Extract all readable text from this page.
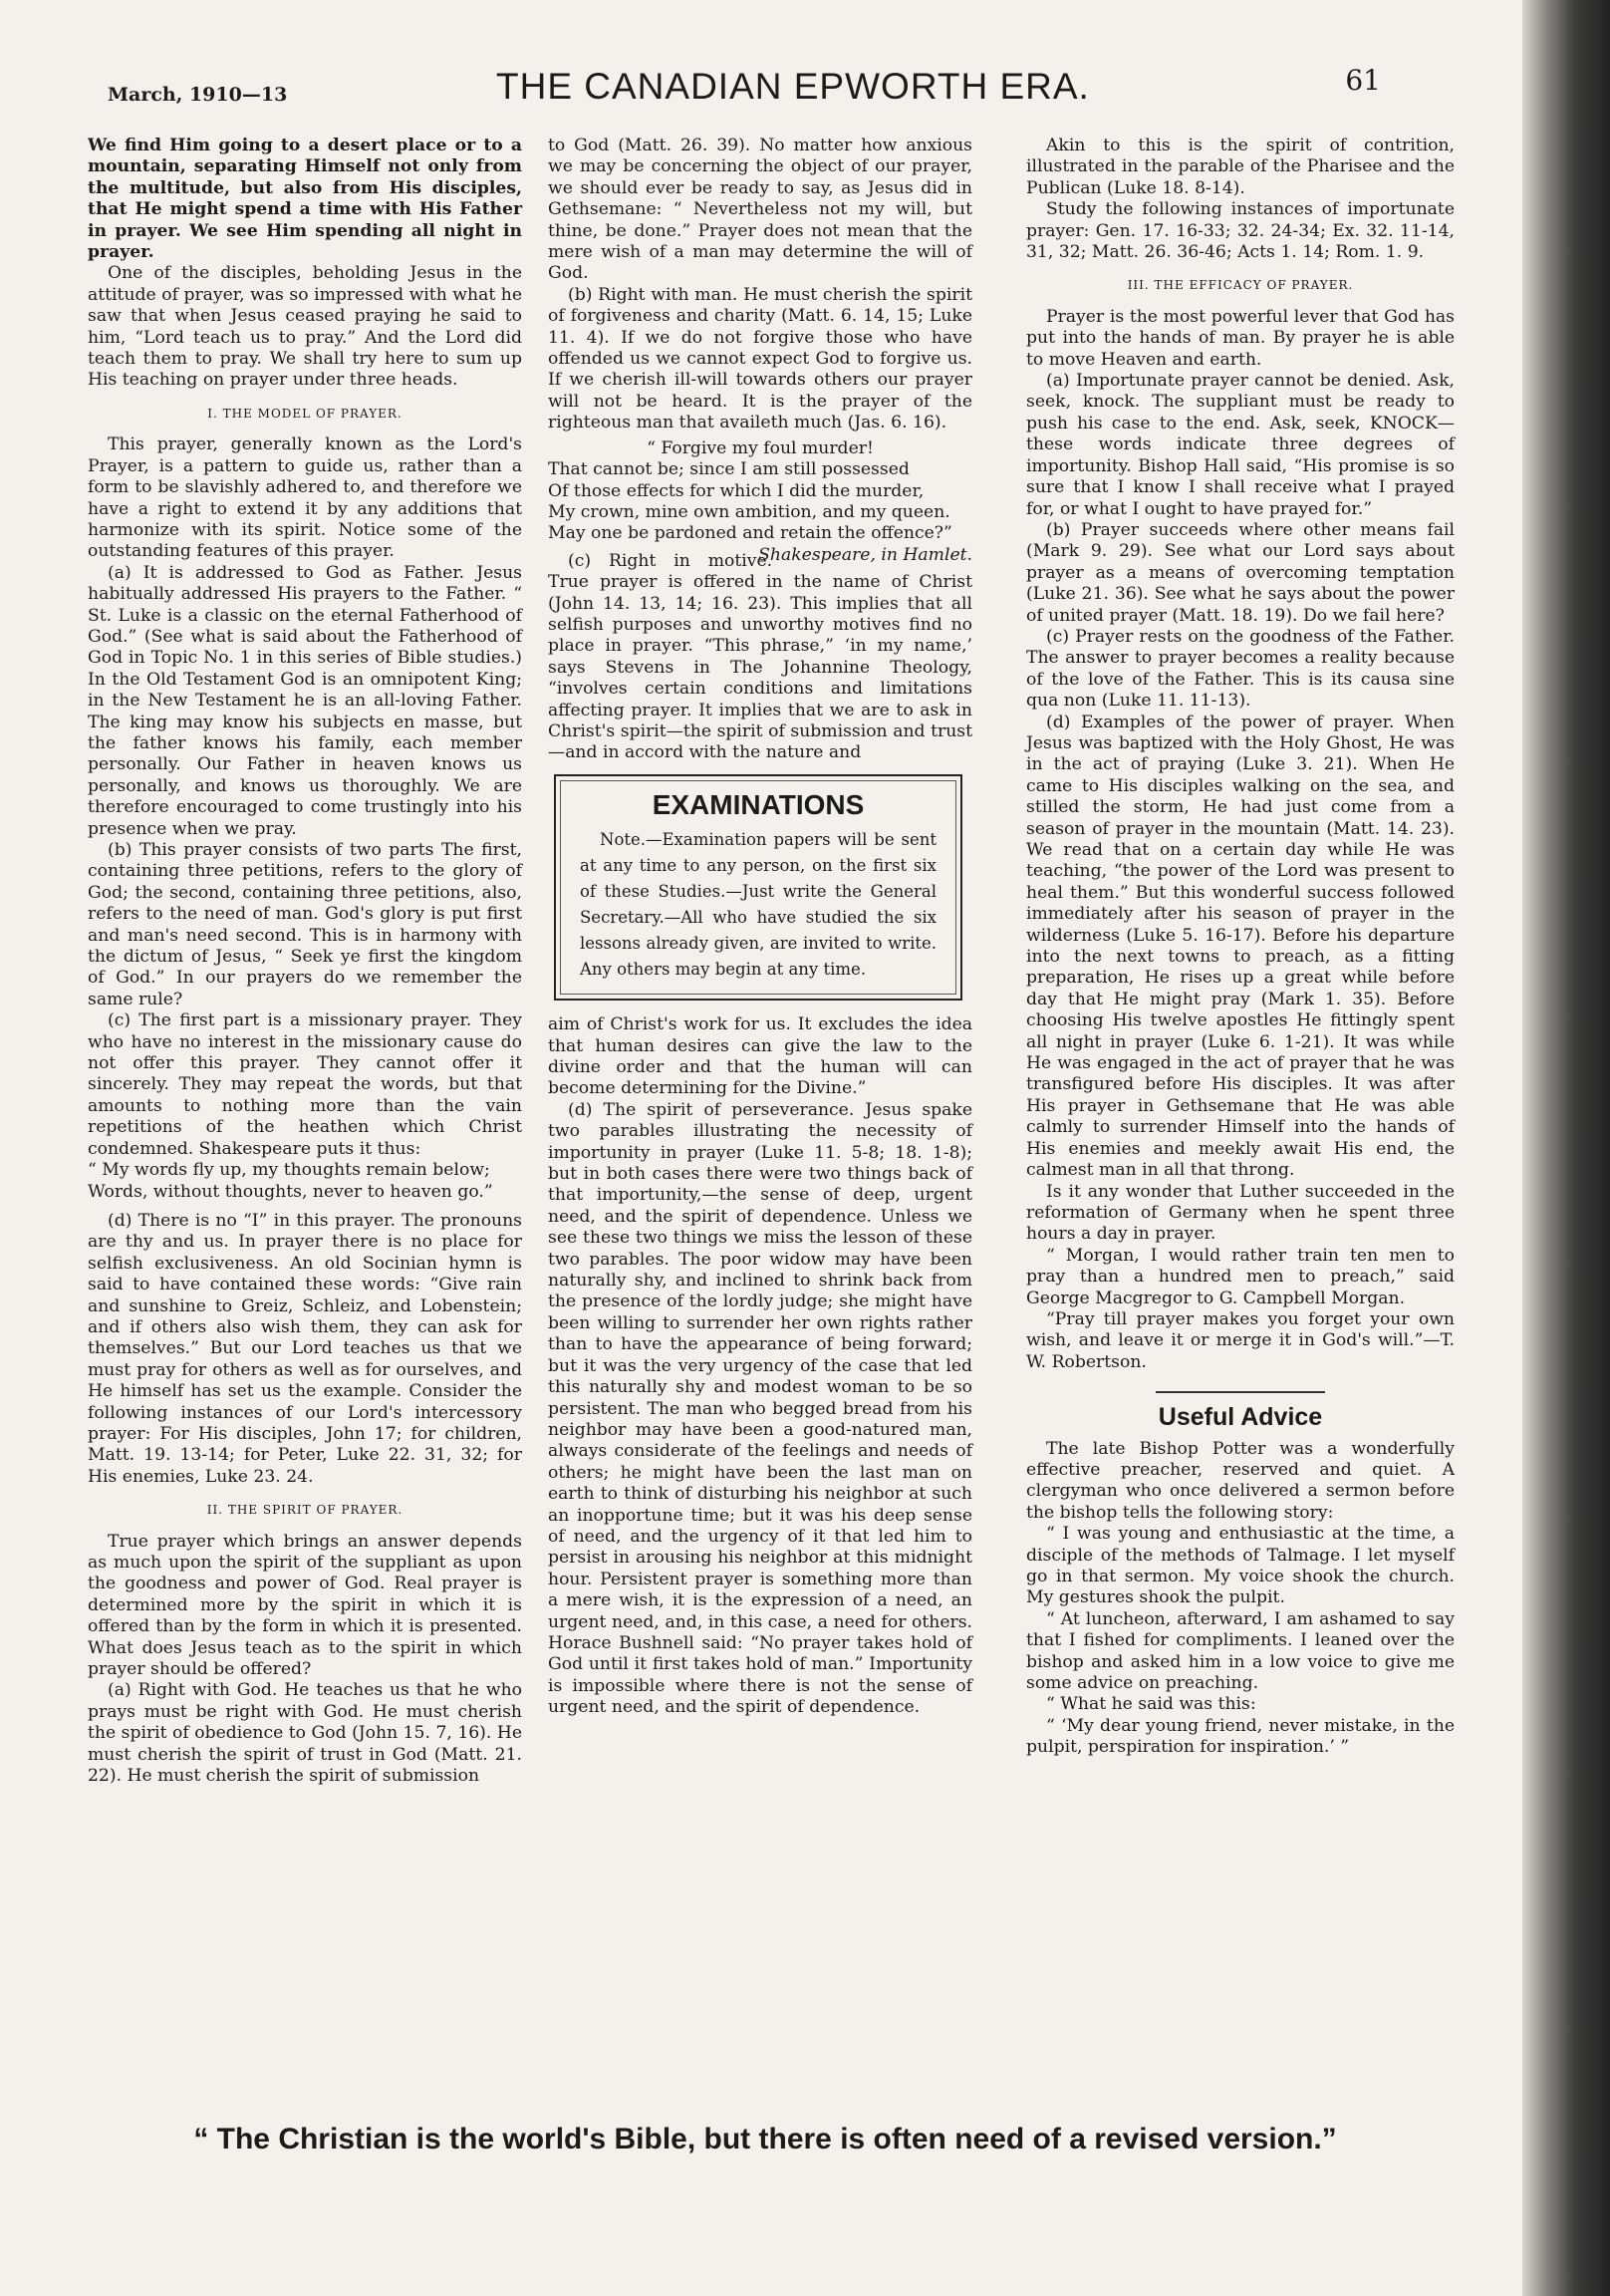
March, 1910—13	THE CANADIAN EPWORTH ERA.	61

We find Him going to a desert place or to a mountain, separating Himself not only from the multitude, but also from His disciples, that He might spend a time with His Father in prayer. We see Him spending all night in prayer.

One of the disciples, beholding Jesus in the attitude of prayer, was so impressed with what he saw that when Jesus ceased praying he said to him, “Lord teach us to pray.” And the Lord did teach them to pray. We shall try here to sum up His teaching on prayer under three heads.

I. THE MODEL OF PRAYER.

This prayer, generally known as the Lord's Prayer, is a pattern to guide us, rather than a form to be slavishly adhered to, and therefore we have a right to extend it by any additions that harmonize with its spirit. Notice some of the outstanding features of this prayer.

(a) It is addressed to God as Father. Jesus habitually addressed His prayers to the Father. “ St. Luke is a classic on the eternal Fatherhood of God.” (See what is said about the Fatherhood of God in Topic No. 1 in this series of Bible studies.) In the Old Testament God is an omnipotent King; in the New Testament he is an all-loving Father. The king may know his subjects en masse, but the father knows his family, each member personally. Our Father in heaven knows us personally, and knows us thoroughly. We are therefore encouraged to come trustingly into his presence when we pray.

(b) This prayer consists of two parts The first, containing three petitions, refers to the glory of God; the second, containing three petitions, also, refers to the need of man. God's glory is put first and man's need second. This is in harmony with the dictum of Jesus, “ Seek ye first the kingdom of God.” In our prayers do we remember the same rule?

(c) The first part is a missionary prayer. They who have no interest in the missionary cause do not offer this prayer. They cannot offer it sincerely. They may repeat the words, but that amounts to nothing more than the vain repetitions of the heathen which Christ condemned. Shakespeare puts it thus:

“ My words fly up, my thoughts remain below;

Words, without thoughts, never to heaven go.”

(d) There is no “I” in this prayer. The pronouns are thy and us. In prayer there is no place for selfish exclusiveness. An old Socinian hymn is said to have contained these words: “Give rain and sunshine to Greiz, Schleiz, and Lobenstein; and if others also wish them, they can ask for themselves.” But our Lord teaches us that we must pray for others as well as for ourselves, and He himself has set us the example. Consider the following instances of our Lord's intercessory prayer: For His disciples, John 17; for children, Matt. 19. 13-14; for Peter, Luke 22. 31, 32; for His enemies, Luke 23. 24.

II. THE SPIRIT OF PRAYER.

True prayer which brings an answer depends as much upon the spirit of the suppliant as upon the goodness and power of God. Real prayer is determined more by the spirit in which it is offered than by the form in which it is presented. What does Jesus teach as to the spirit in which prayer should be offered?

(a) Right with God. He teaches us that he who prays must be right with God. He must cherish the spirit of obedience to God (John 15. 7, 16). He must cherish the spirit of trust in God (Matt. 21. 22). He must cherish the spirit of submission

to God (Matt. 26. 39). No matter how anxious we may be concerning the object of our prayer, we should ever be ready to say, as Jesus did in Gethsemane: “ Nevertheless not my will, but thine, be done.” Prayer does not mean that the mere wish of a man may determine the will of God.

(b) Right with man. He must cherish the spirit of forgiveness and charity (Matt. 6. 14, 15; Luke 11. 4). If we do not forgive those who have offended us we cannot expect God to forgive us. If we cherish ill-will towards others our prayer will not be heard. It is the prayer of the righteous man that availeth much (Jas. 6. 16).

“ Forgive my foul murder!

That cannot be; since I am still possessed

Of those effects for which I did the murder,

My crown, mine own ambition, and my queen.

May one be pardoned and retain the offence?”
Shakespeare, in Hamlet.

(c) Right in motive. True prayer is offered in the name of Christ (John 14. 13, 14; 16. 23). This implies that all selfish purposes and unworthy motives find no place in prayer. “This phrase,” ‘in my name,’ says Stevens in The Johannine Theology, “involves certain conditions and limitations affecting prayer. It implies that we are to ask in Christ's spirit—the spirit of submission and trust—and in accord with the nature and

EXAMINATIONS
Note.—Examination papers will be sent at any time to any person, on the first six of these Studies.—Just write the General Secretary.—All who have studied the six lessons already given, are invited to write. Any others may begin at any time.

aim of Christ's work for us. It excludes the idea that human desires can give the law to the divine order and that the human will can become determining for the Divine.”

(d) The spirit of perseverance. Jesus spake two parables illustrating the necessity of importunity in prayer (Luke 11. 5-8; 18. 1-8); but in both cases there were two things back of that importunity,—the sense of deep, urgent need, and the spirit of dependence. Unless we see these two things we miss the lesson of these two parables. The poor widow may have been naturally shy, and inclined to shrink back from the presence of the lordly judge; she might have been willing to surrender her own rights rather than to have the appearance of being forward; but it was the very urgency of the case that led this naturally shy and modest woman to be so persistent. The man who begged bread from his neighbor may have been a good-natured man, always considerate of the feelings and needs of others; he might have been the last man on earth to think of disturbing his neighbor at such an inopportune time; but it was his deep sense of need, and the urgency of it that led him to persist in arousing his neighbor at this midnight hour. Persistent prayer is something more than a mere wish, it is the expression of a need, an urgent need, and, in this case, a need for others. Horace Bushnell said: “No prayer takes hold of God until it first takes hold of man.” Importunity is impossible where there is not the sense of urgent need, and the spirit of dependence.

Akin to this is the spirit of contrition, illustrated in the parable of the Pharisee and the Publican (Luke 18. 8-14).

Study the following instances of importunate prayer: Gen. 17. 16-33; 32. 24-34; Ex. 32. 11-14, 31, 32; Matt. 26. 36-46; Acts 1. 14; Rom. 1. 9.

III. THE EFFICACY OF PRAYER.

Prayer is the most powerful lever that God has put into the hands of man. By prayer he is able to move Heaven and earth.

(a) Importunate prayer cannot be denied. Ask, seek, knock. The suppliant must be ready to push his case to the end. Ask, seek, KNOCK—these words indicate three degrees of importunity. Bishop Hall said, “His promise is so sure that I know I shall receive what I prayed for, or what I ought to have prayed for.”

(b) Prayer succeeds where other means fail (Mark 9. 29). See what our Lord says about prayer as a means of overcoming temptation (Luke 21. 36). See what he says about the power of united prayer (Matt. 18. 19). Do we fail here?

(c) Prayer rests on the goodness of the Father. The answer to prayer becomes a reality because of the love of the Father. This is its causa sine qua non (Luke 11. 11-13).

(d) Examples of the power of prayer. When Jesus was baptized with the Holy Ghost, He was in the act of praying (Luke 3. 21). When He came to His disciples walking on the sea, and stilled the storm, He had just come from a season of prayer in the mountain (Matt. 14. 23). We read that on a certain day while He was teaching, “the power of the Lord was present to heal them.” But this wonderful success followed immediately after his season of prayer in the wilderness (Luke 5. 16-17). Before his departure into the next towns to preach, as a fitting preparation, He rises up a great while before day that He might pray (Mark 1. 35). Before choosing His twelve apostles He fittingly spent all night in prayer (Luke 6. 1-21). It was while He was engaged in the act of prayer that he was transfigured before His disciples. It was after His prayer in Gethsemane that He was able calmly to surrender Himself into the hands of His enemies and meekly await His end, the calmest man in all that throng.

Is it any wonder that Luther succeeded in the reformation of Germany when he spent three hours a day in prayer.

“ Morgan, I would rather train ten men to pray than a hundred men to preach,” said George Macgregor to G. Campbell Morgan.

“Pray till prayer makes you forget your own wish, and leave it or merge it in God's will.”—T. W. Robertson.

Useful Advice

The late Bishop Potter was a wonderfully effective preacher, reserved and quiet. A clergyman who once delivered a sermon before the bishop tells the following story:

“ I was young and enthusiastic at the time, a disciple of the methods of Talmage. I let myself go in that sermon. My voice shook the church. My gestures shook the pulpit.

“ At luncheon, afterward, I am ashamed to say that I fished for compliments. I leaned over the bishop and asked him in a low voice to give me some advice on preaching.

“ What he said was this:

“ ‘My dear young friend, never mistake, in the pulpit, perspiration for inspiration.’ ”

“ The Christian is the world's Bible, but there is often need of a revised version.”
